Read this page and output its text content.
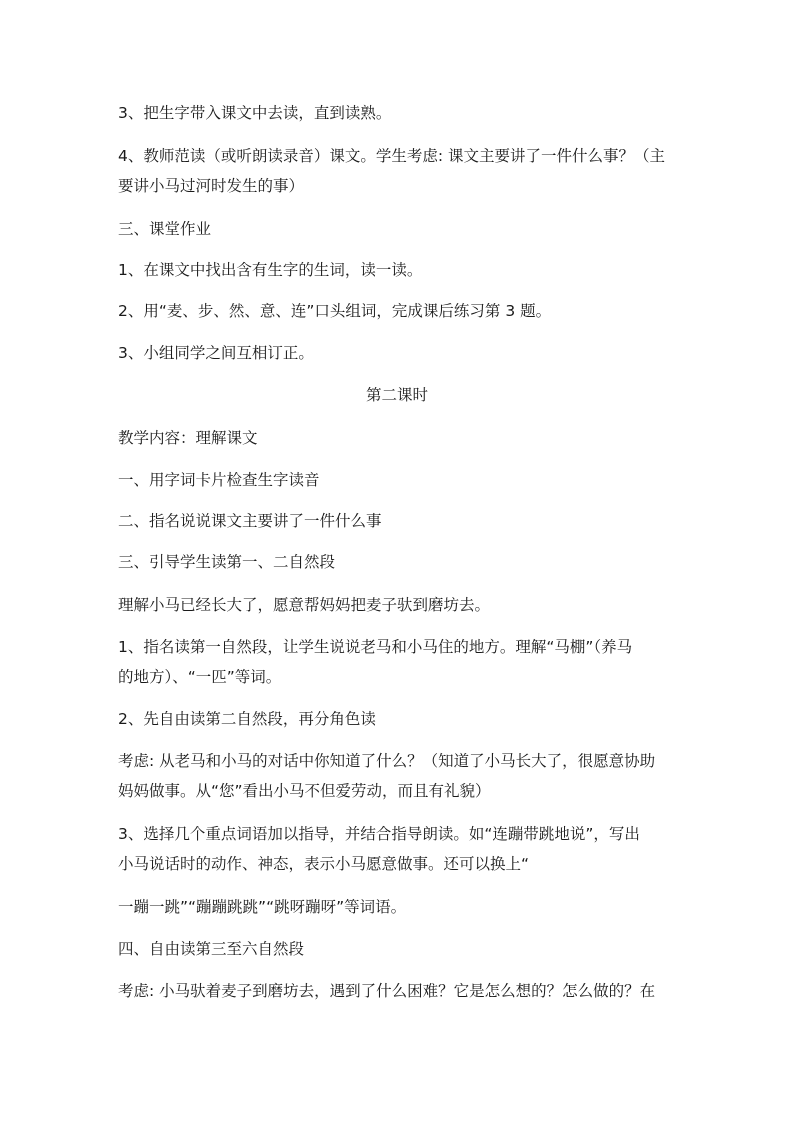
3、把生字带入课文中去读，直到读熟。
4、教师范读（或听朗读录音）课文。学生考虑: 课文主要讲了一件什么事？（主
要讲小马过河时发生的事）
三、课堂作业
1、在课文中找出含有生字的生词，读一读。
2、用“麦、步、然、意、连”口头组词，完成课后练习第 3 题。
3、小组同学之间互相订正。
第二课时
教学内容：理解课文
一、用字词卡片检查生字读音
二、指名说说课文主要讲了一件什么事
三、引导学生读第一、二自然段
理解小马已经长大了，愿意帮妈妈把麦子驮到磨坊去。
1、指名读第一自然段，让学生说说老马和小马住的地方。理解“马棚”（养马
的地方）、“一匹”等词。
2、先自由读第二自然段，再分角色读
考虑: 从老马和小马的对话中你知道了什么？（知道了小马长大了，很愿意协助
妈妈做事。从“您”看出小马不但爱劳动，而且有礼貌）
3、选择几个重点词语加以指导，并结合指导朗读。如“连蹦带跳地说”，写出
小马说话时的动作、神态，表示小马愿意做事。还可以换上“
一蹦一跳”“蹦蹦跳跳”“跳呀蹦呀”等词语。
四、自由读第三至六自然段
考虑: 小马驮着麦子到磨坊去，遇到了什么困难？它是怎么想的？怎么做的？在
